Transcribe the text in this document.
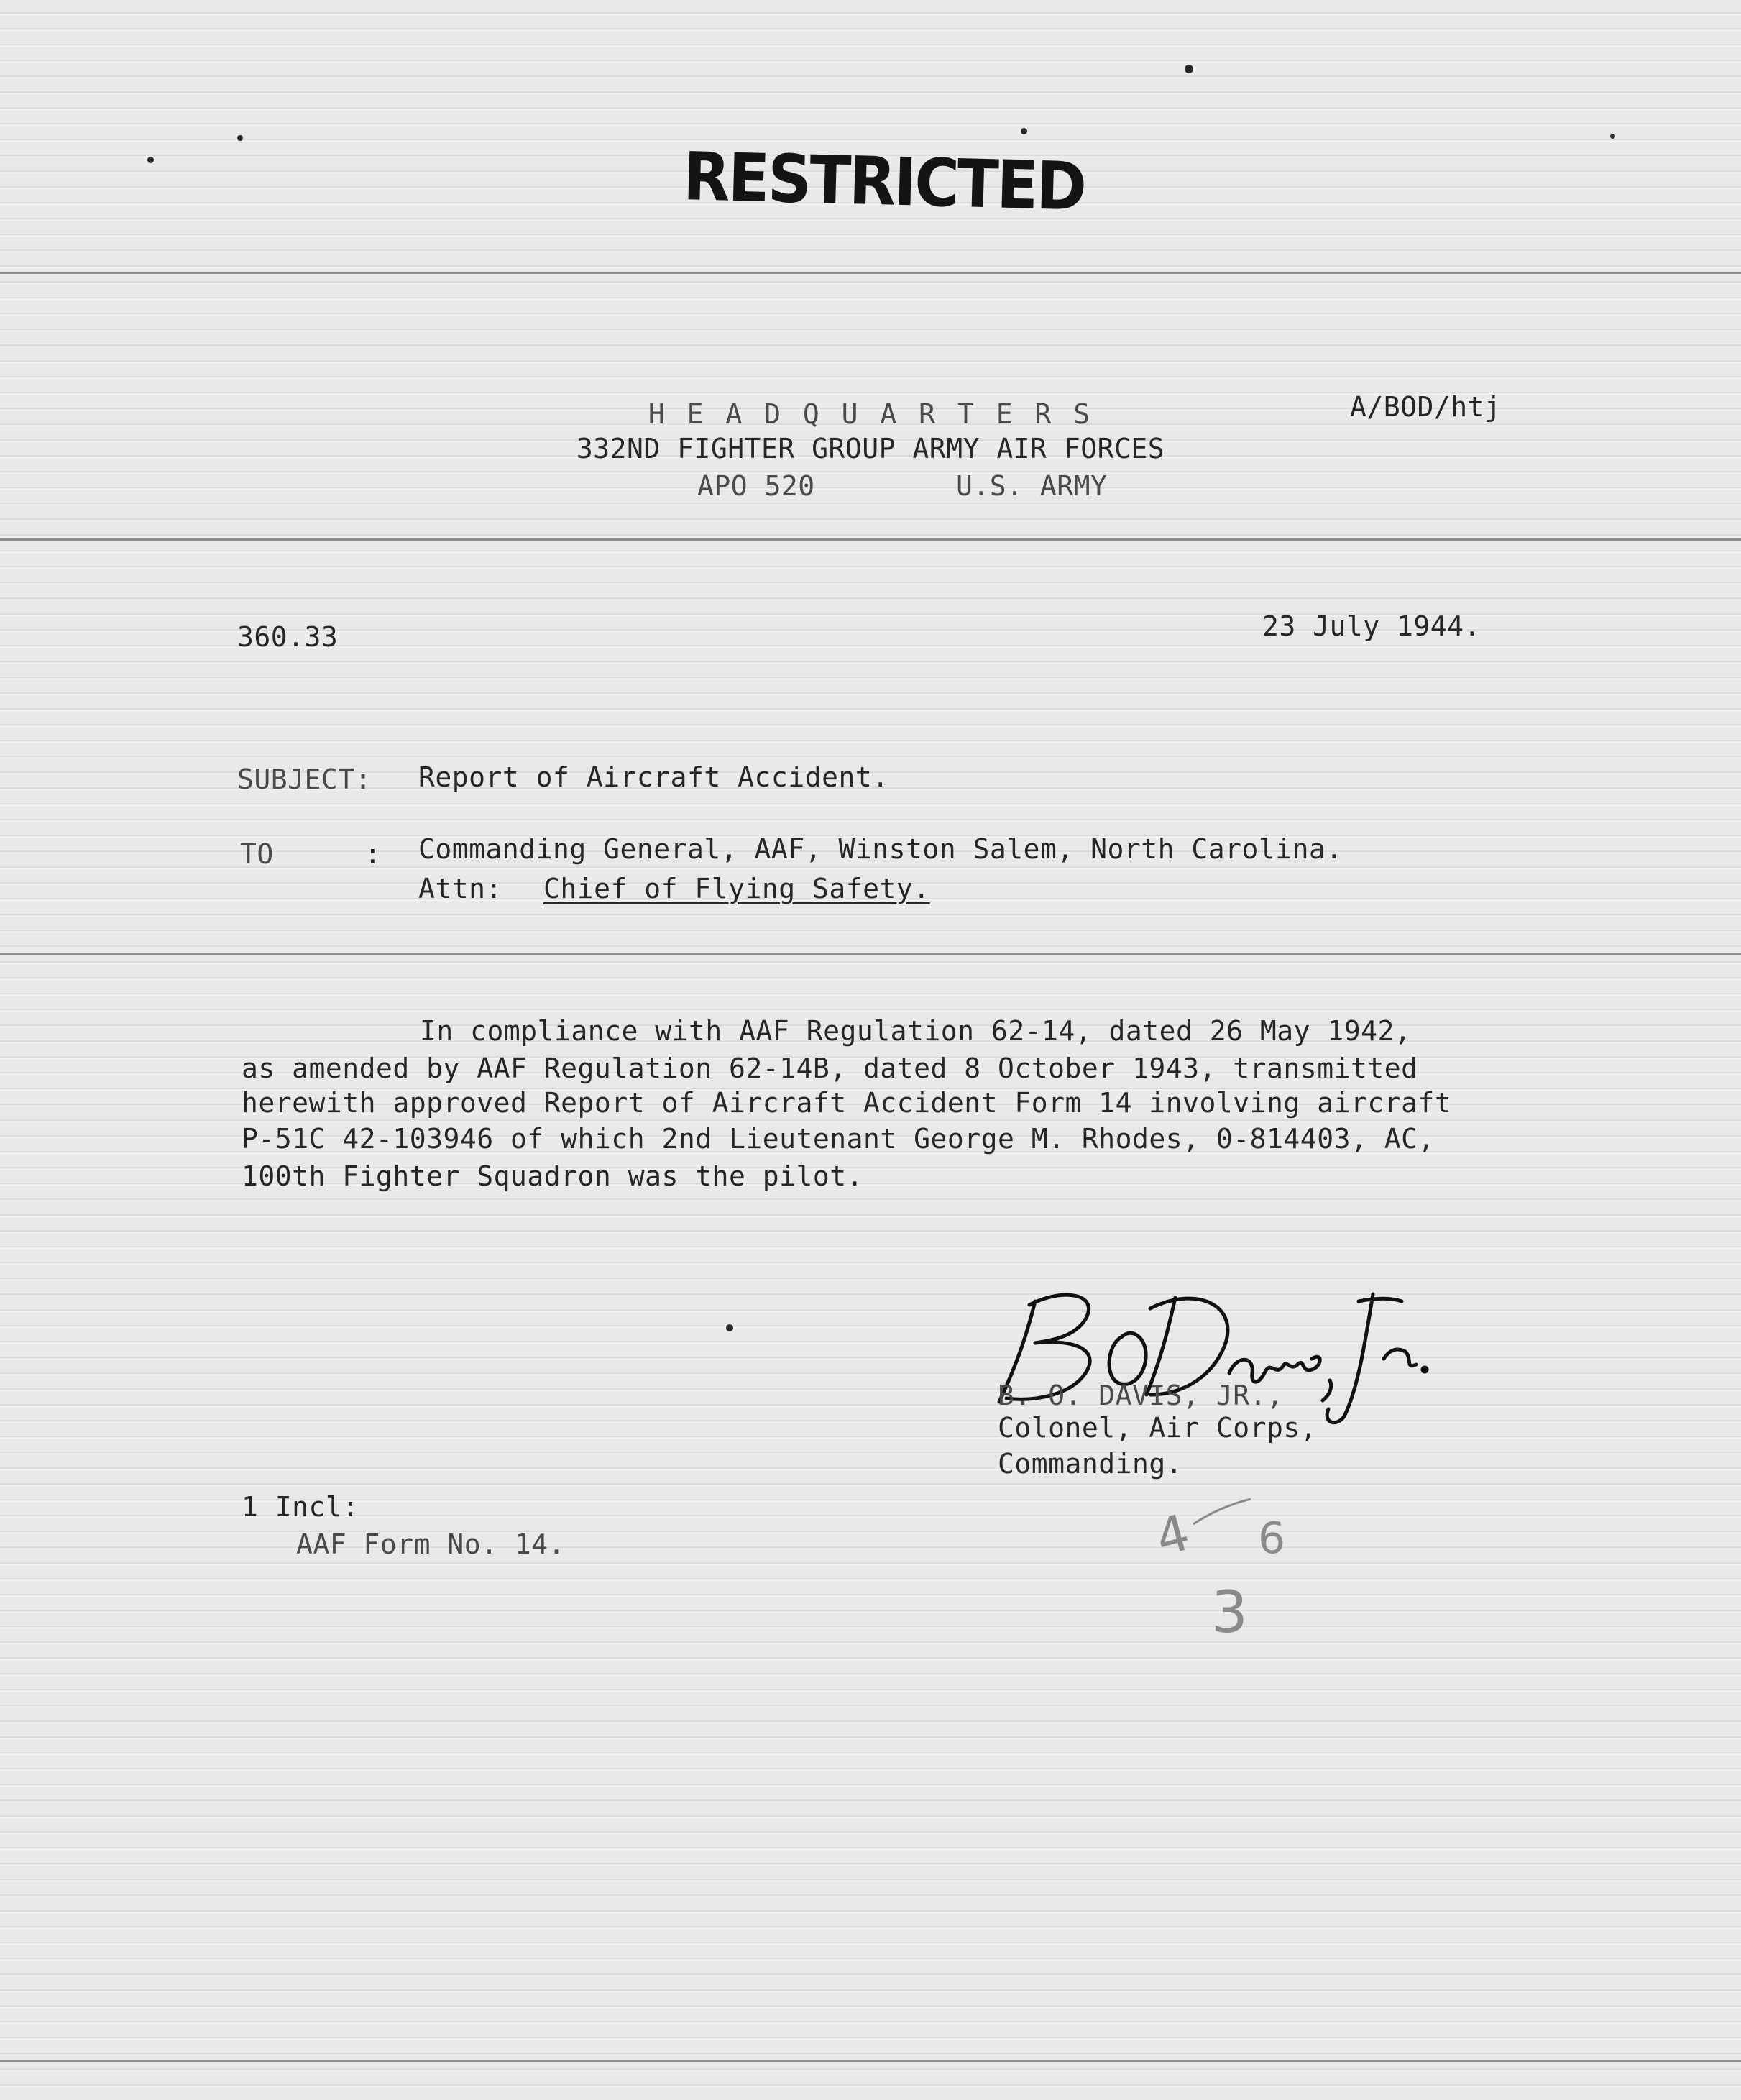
RESTRICTED
A/BOD/htj
H E A D Q U A R T E R S
332ND FIGHTER GROUP ARMY AIR FORCES
APO 520	U.S. ARMY
360.33	23 July 1944.
SUBJECT: Report of Aircraft Accident.
TO	: Commanding General, AAF, Winston Salem, North Carolina.
Attn: Chief of Flying Safety.
In compliance with AAF Regulation 62-14, dated 26 May 1942,
as amended by AAF Regulation 62-14B, dated 8 October 1943, transmitted
herewith approved Report of Aircraft Accident Form 14 involving aircraft
P-51C 42-103946 of which 2nd Lieutenant George M. Rhodes, 0-814403, AC,
100th Fighter Squadron was the pilot.
B. O. DAVIS, JR.,
Colonel, Air Corps,
Commanding.
1 Incl:
AAF Form No. 14.	4 6
3
